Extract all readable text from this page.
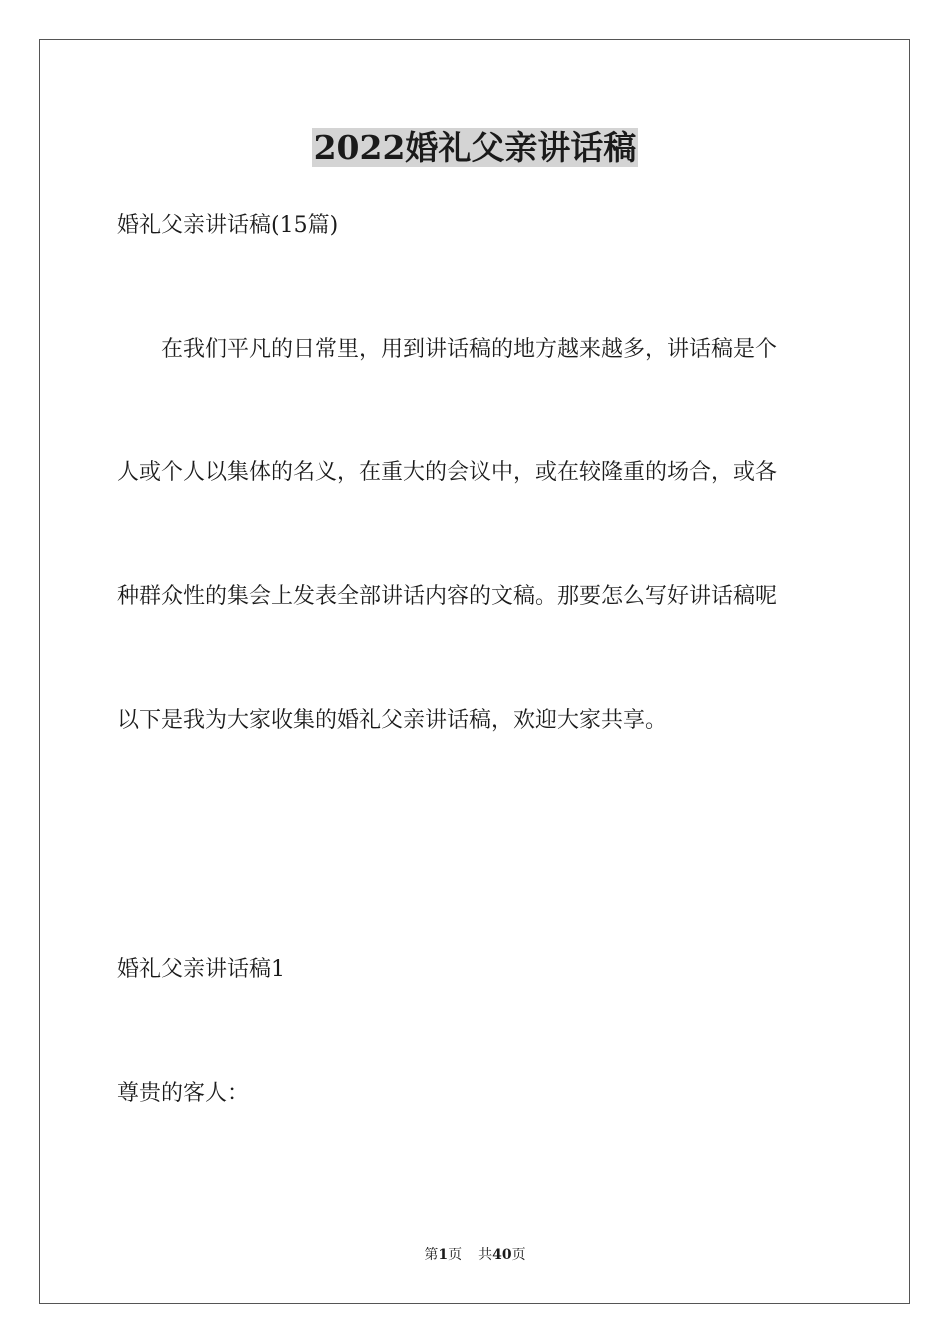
2022婚礼父亲讲话稿
婚礼父亲讲话稿(15篇)
　　在我们平凡的日常里，用到讲话稿的地方越来越多，讲话稿是个
人或个人以集体的名义，在重大的会议中，或在较隆重的场合，或各
种群众性的集会上发表全部讲话内容的文稿。那要怎么写好讲话稿呢
以下是我为大家收集的婚礼父亲讲话稿，欢迎大家共享。
婚礼父亲讲话稿1
尊贵的客人：
第1页 共40页
